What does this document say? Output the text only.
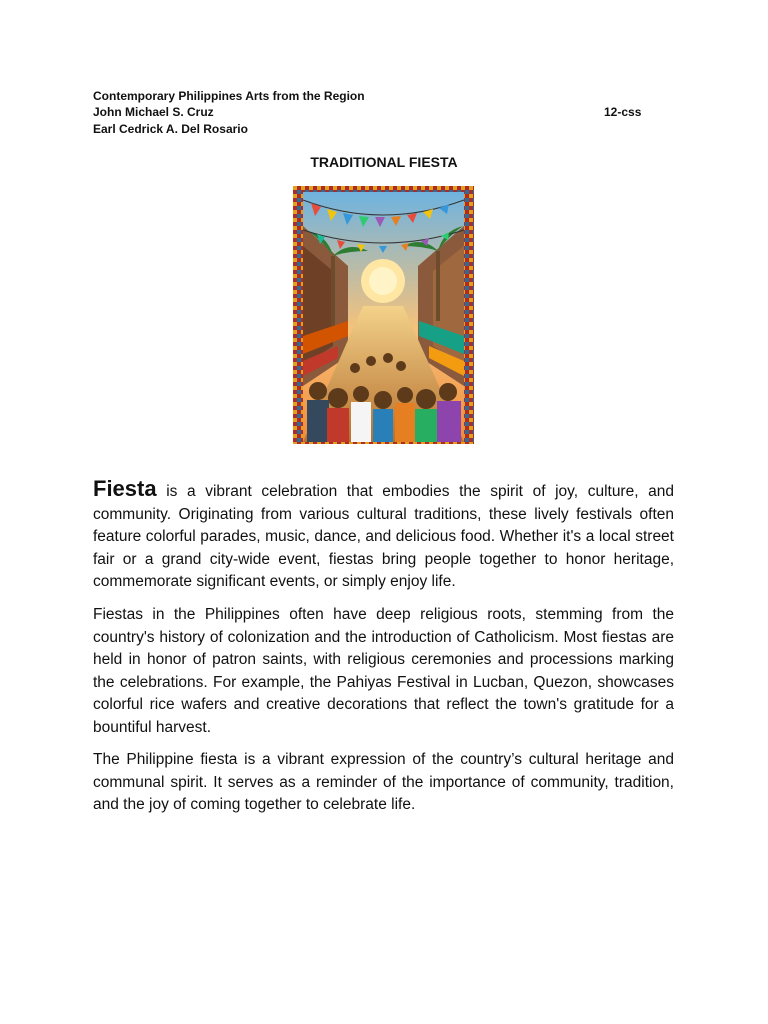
Contemporary Philippines Arts from the Region
John Michael S. Cruz	12-css
Earl Cedrick A. Del Rosario
TRADITIONAL FIESTA
Fiesta is a vibrant celebration that embodies the spirit of joy, culture, and community. Originating from various cultural traditions, these lively festivals often feature colorful parades, music, dance, and delicious food. Whether it's a local street fair or a grand city-wide event, fiestas bring people together to honor heritage, commemorate significant events, or simply enjoy life.
Fiestas in the Philippines often have deep religious roots, stemming from the country's history of colonization and the introduction of Catholicism. Most fiestas are held in honor of patron saints, with religious ceremonies and processions marking the celebrations. For example, the Pahiyas Festival in Lucban, Quezon, showcases colorful rice wafers and creative decorations that reflect the town's gratitude for a bountiful harvest.
The Philippine fiesta is a vibrant expression of the country’s cultural heritage and communal spirit. It serves as a reminder of the importance of community, tradition, and the joy of coming together to celebrate life.
